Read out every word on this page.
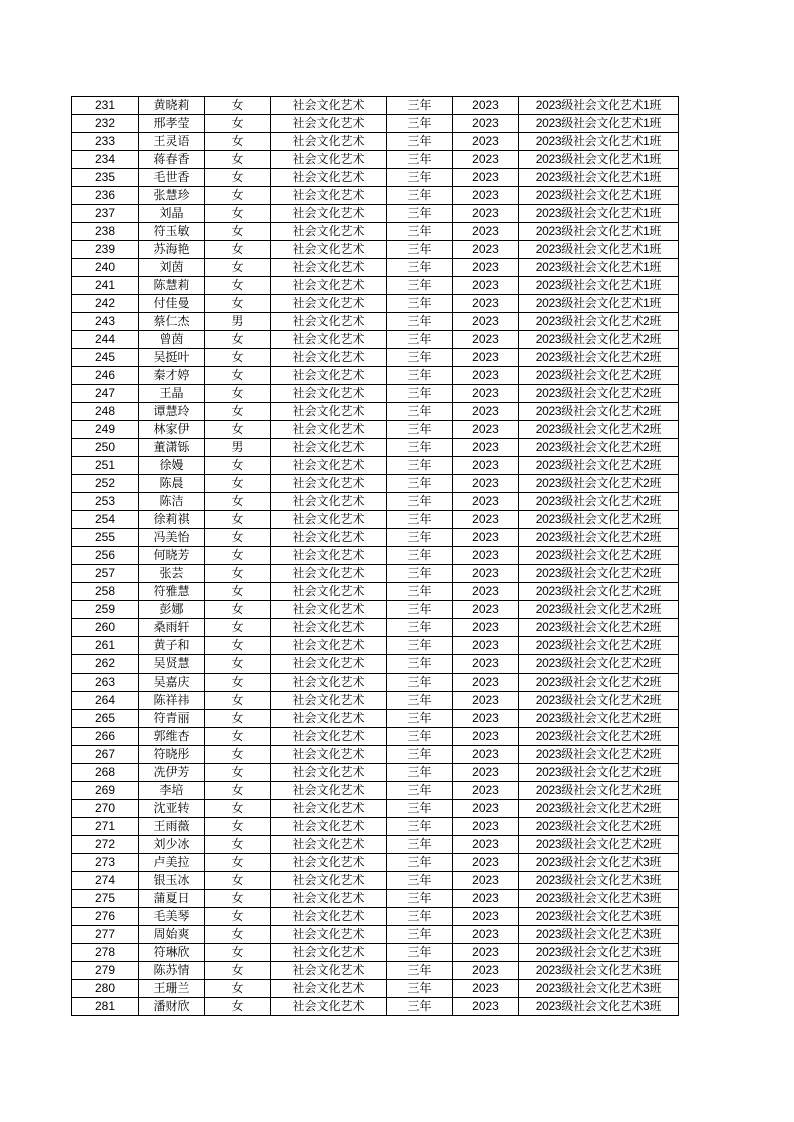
231	黄晓莉	女	社会文化艺术	三年	2023	2023级社会文化艺术1班
232	邢孝莹	女	社会文化艺术	三年	2023	2023级社会文化艺术1班
233	王灵语	女	社会文化艺术	三年	2023	2023级社会文化艺术1班
234	蒋春香	女	社会文化艺术	三年	2023	2023级社会文化艺术1班
235	毛世香	女	社会文化艺术	三年	2023	2023级社会文化艺术1班
236	张慧珍	女	社会文化艺术	三年	2023	2023级社会文化艺术1班
237	刘晶	女	社会文化艺术	三年	2023	2023级社会文化艺术1班
238	符玉敏	女	社会文化艺术	三年	2023	2023级社会文化艺术1班
239	苏海艳	女	社会文化艺术	三年	2023	2023级社会文化艺术1班
240	刘茵	女	社会文化艺术	三年	2023	2023级社会文化艺术1班
241	陈慧莉	女	社会文化艺术	三年	2023	2023级社会文化艺术1班
242	付佳曼	女	社会文化艺术	三年	2023	2023级社会文化艺术1班
243	蔡仁杰	男	社会文化艺术	三年	2023	2023级社会文化艺术2班
244	曾茵	女	社会文化艺术	三年	2023	2023级社会文化艺术2班
245	吴挺叶	女	社会文化艺术	三年	2023	2023级社会文化艺术2班
246	秦才婷	女	社会文化艺术	三年	2023	2023级社会文化艺术2班
247	王晶	女	社会文化艺术	三年	2023	2023级社会文化艺术2班
248	谭慧玲	女	社会文化艺术	三年	2023	2023级社会文化艺术2班
249	林家伊	女	社会文化艺术	三年	2023	2023级社会文化艺术2班
250	董潇铄	男	社会文化艺术	三年	2023	2023级社会文化艺术2班
251	徐嫚	女	社会文化艺术	三年	2023	2023级社会文化艺术2班
252	陈晨	女	社会文化艺术	三年	2023	2023级社会文化艺术2班
253	陈洁	女	社会文化艺术	三年	2023	2023级社会文化艺术2班
254	徐莉祺	女	社会文化艺术	三年	2023	2023级社会文化艺术2班
255	冯美怡	女	社会文化艺术	三年	2023	2023级社会文化艺术2班
256	何晓芳	女	社会文化艺术	三年	2023	2023级社会文化艺术2班
257	张芸	女	社会文化艺术	三年	2023	2023级社会文化艺术2班
258	符雅慧	女	社会文化艺术	三年	2023	2023级社会文化艺术2班
259	彭娜	女	社会文化艺术	三年	2023	2023级社会文化艺术2班
260	桑雨轩	女	社会文化艺术	三年	2023	2023级社会文化艺术2班
261	黄子和	女	社会文化艺术	三年	2023	2023级社会文化艺术2班
262	吴贤慧	女	社会文化艺术	三年	2023	2023级社会文化艺术2班
263	吴嘉庆	女	社会文化艺术	三年	2023	2023级社会文化艺术2班
264	陈祥祎	女	社会文化艺术	三年	2023	2023级社会文化艺术2班
265	符青丽	女	社会文化艺术	三年	2023	2023级社会文化艺术2班
266	郭维杏	女	社会文化艺术	三年	2023	2023级社会文化艺术2班
267	符晓彤	女	社会文化艺术	三年	2023	2023级社会文化艺术2班
268	冼伊芳	女	社会文化艺术	三年	2023	2023级社会文化艺术2班
269	李培	女	社会文化艺术	三年	2023	2023级社会文化艺术2班
270	沈亚转	女	社会文化艺术	三年	2023	2023级社会文化艺术2班
271	王雨薇	女	社会文化艺术	三年	2023	2023级社会文化艺术2班
272	刘少冰	女	社会文化艺术	三年	2023	2023级社会文化艺术2班
273	卢美拉	女	社会文化艺术	三年	2023	2023级社会文化艺术3班
274	银玉冰	女	社会文化艺术	三年	2023	2023级社会文化艺术3班
275	蒲夏日	女	社会文化艺术	三年	2023	2023级社会文化艺术3班
276	毛美琴	女	社会文化艺术	三年	2023	2023级社会文化艺术3班
277	周始爽	女	社会文化艺术	三年	2023	2023级社会文化艺术3班
278	符琳欣	女	社会文化艺术	三年	2023	2023级社会文化艺术3班
279	陈苏情	女	社会文化艺术	三年	2023	2023级社会文化艺术3班
280	王珊兰	女	社会文化艺术	三年	2023	2023级社会文化艺术3班
281	潘财欣	女	社会文化艺术	三年	2023	2023级社会文化艺术3班
